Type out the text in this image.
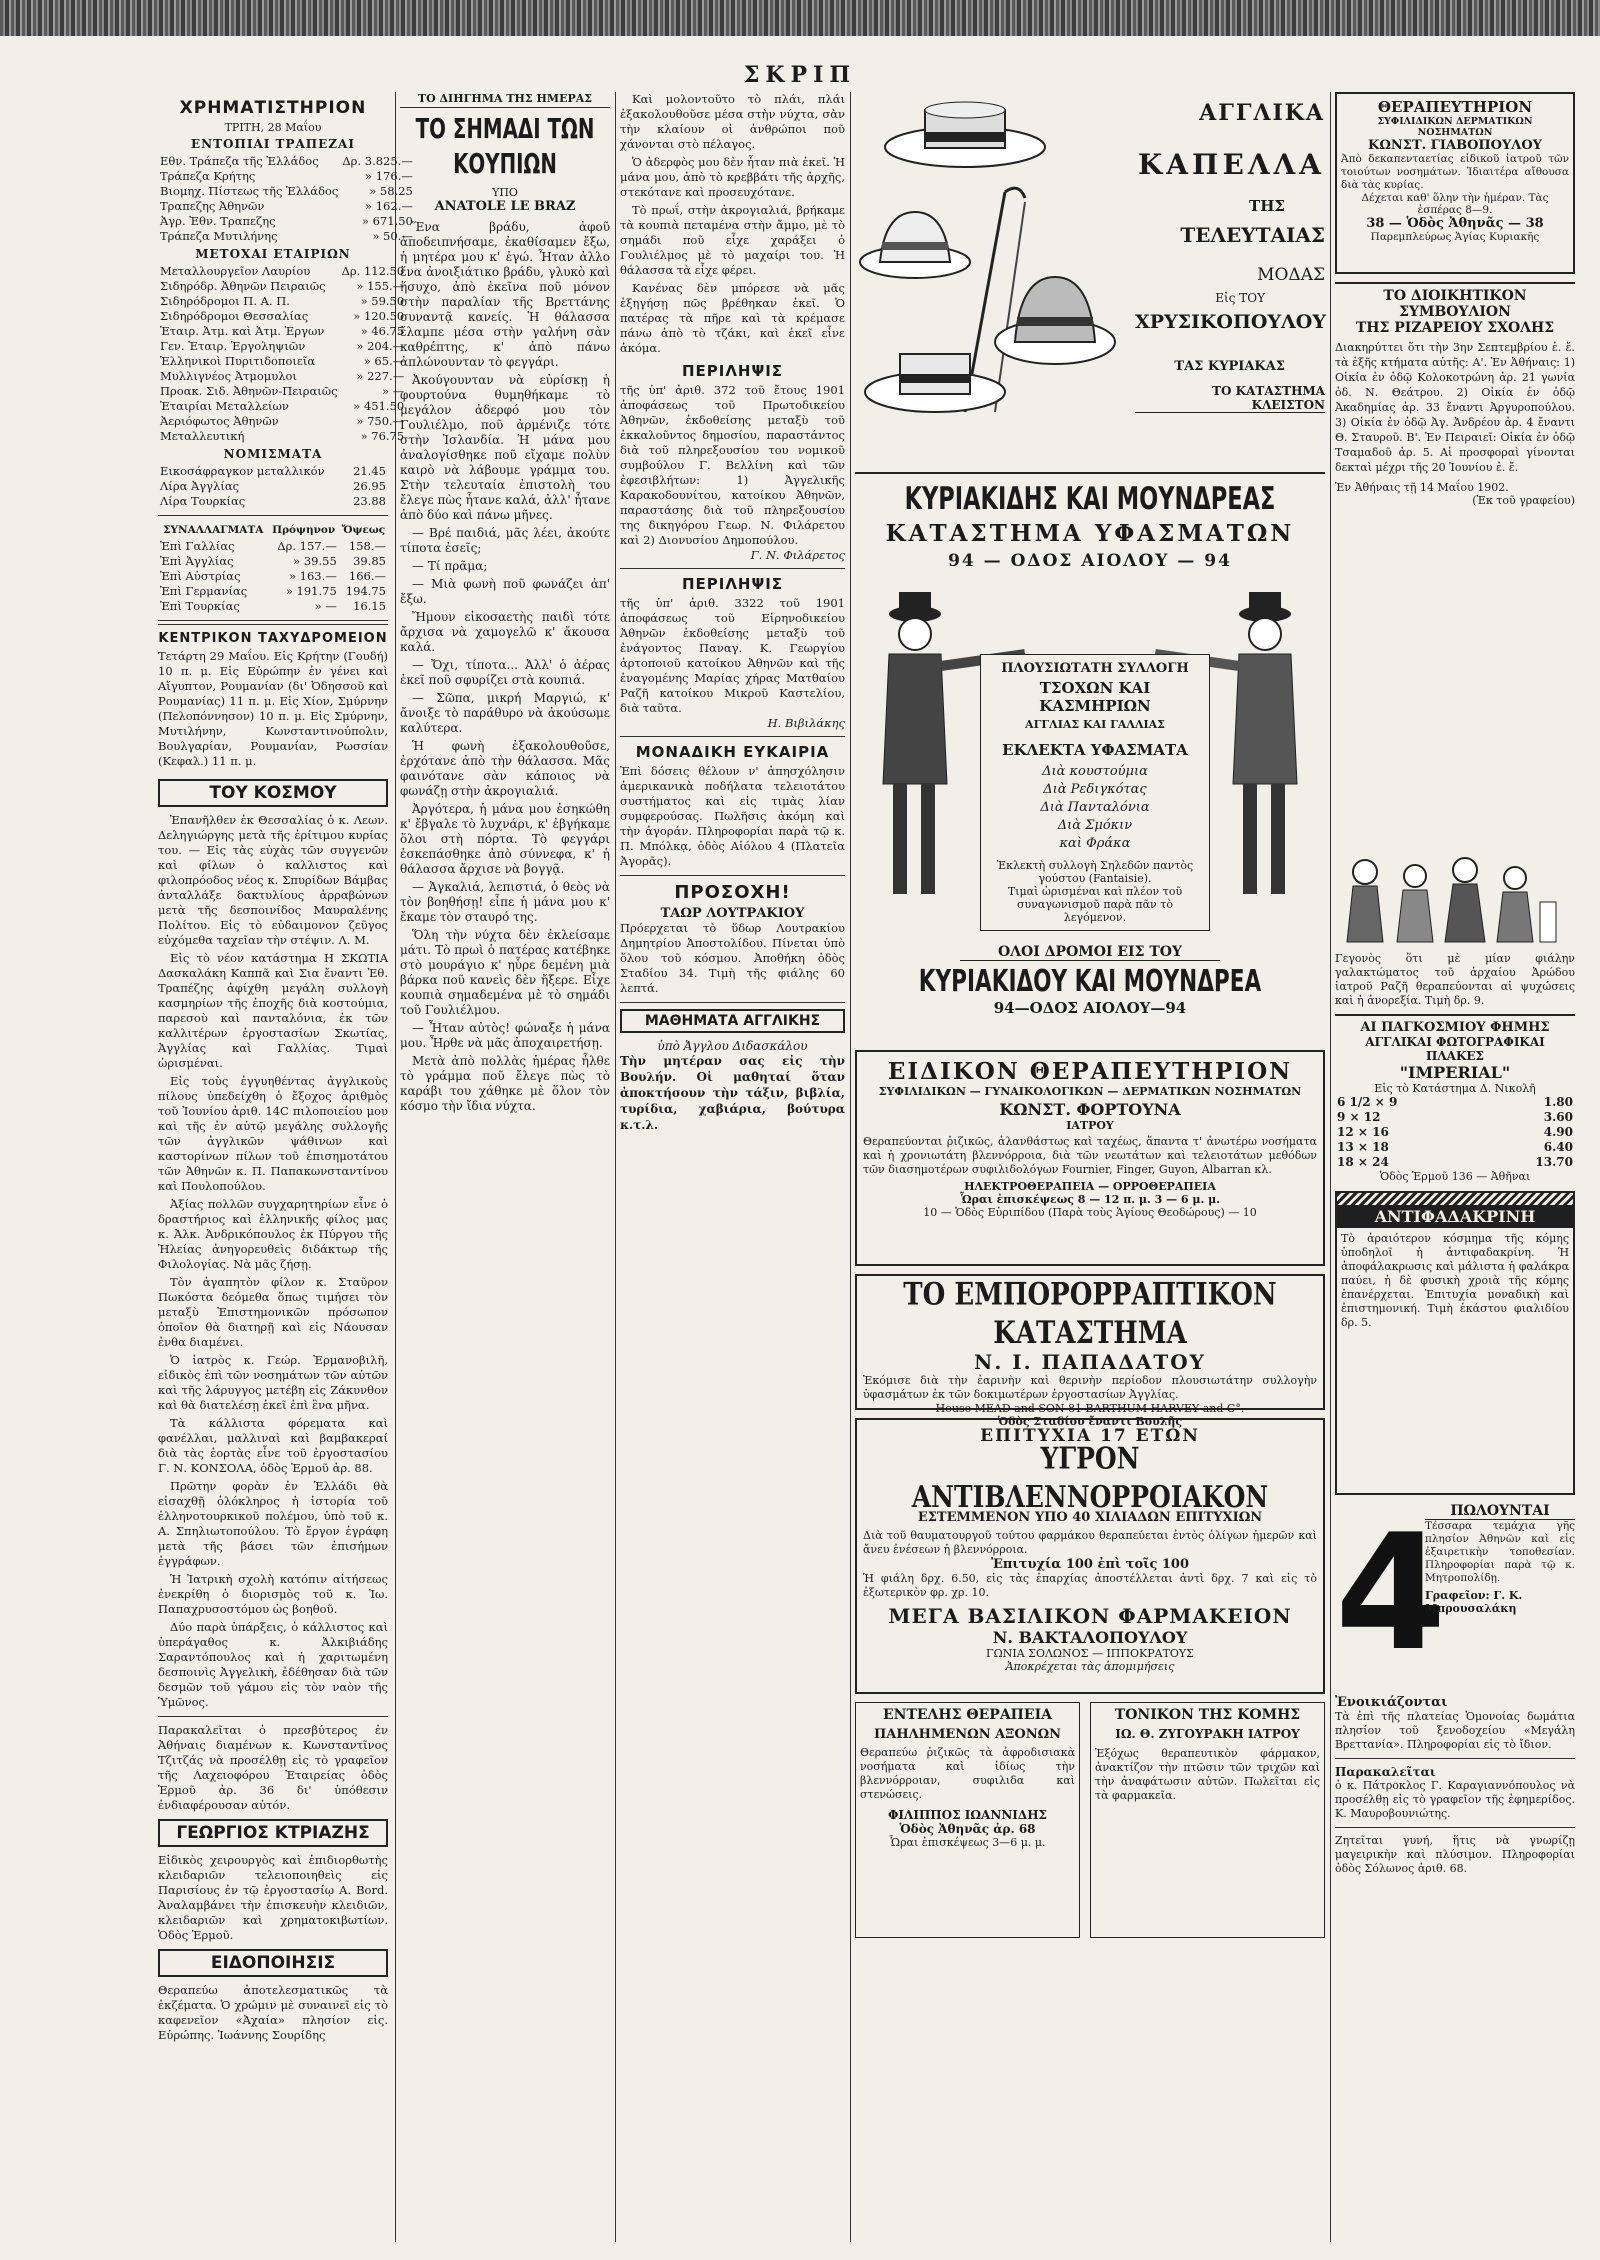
ΣΚΡΙΠ
ΧΡΗΜΑΤΙΣΤΗΡΙΟΝ
ΤΡΙΤΗ, 28 Μαΐου
ΕΝΤΟΠΙΑΙ ΤΡΑΠΕΖΑΙ
Εθν. Τράπεζα τῆς Ἑλλάδος	Δρ. 3.825.—
Τράπεζα Κρήτης	» 176.—
Βιομηχ. Πίστεως τῆς Ἑλλάδος	» 58.25
Τραπεζης Ἀθηνῶν	» 162.—
Ἀγρ. Ἐθν. Τραπεζης	» 671.50
Τράπεζα Μυτιλήνης	» 50.—
ΜΕΤΟΧΑΙ ΕΤΑΙΡΙΩΝ
Μεταλλουργεῖον Λαυρίου	Δρ. 112.50
Σιδηρόδρ. Ἀθηνῶν Πειραιῶς	» 155.—
Σιδηρόδρομοι Π. Α. Π.	» 59.50
Σιδηρόδρομοι Θεσσαλίας	» 120.50
Ἐταιρ. Ἀτμ. καὶ Ἀτμ. Ἐργων	» 46.75
Γεν. Ἐταιρ. Ἐργοληψιῶν	» 204.—
Ἑλληνικοὶ Πυριτιδοποιεῖα	» 65.—
Μυλλιγνέος Ἀτμομυλοι	» 227.—
Προακ. Σιδ. Ἀθηνῶν-Πειραιῶς	» —
Ἐταιρίαι Μεταλλείων	» 451.50
Ἀεριόφωτος Ἀθηνῶν	» 750.—
Μεταλλευτική	» 76.75
ΝΟΜΙΣΜΑΤΑ
Εικοσάφραγκον μεταλλικόν	21.45
Λίρα Ἀγγλίας	26.95
Λίρα Τουρκίας	23.88
ΣΥΝΑΛΛΑΓΜΑΤΑ	Πρόψηνον	Ὄψεως
Ἐπὶ Γαλλίας	Δρ. 157.—	158.—
Ἐπὶ Ἀγγλίας	» 39.55	39.85
Ἐπὶ Αὐστρίας	» 163.—	166.—
Ἐπὶ Γερμανίας	» 191.75	194.75
Ἐπὶ Τουρκίας	» —	16.15
ΚΕΝΤΡΙΚΟΝ ΤΑΧΥΔΡΟΜΕΙΟΝ
Τετάρτη 29 Μαΐου. Εἰς Κρήτην (Γουδή) 10 π. μ. Εἰς Εὐρώπην ἐν γένει καὶ Αἴγυπτον, Ρουμανίαν (δι' Ὀδησσοῦ καὶ Ρουμανίας) 11 π. μ. Εἰς Χίον, Σμύρνην (Πελοπόννησον) 10 π. μ. Εἰς Σμύρνην, Μυτιλήνην, Κωνσταντινούπολιν, Βουλγαρίαν, Ρουμανίαν, Ρωσσίαν (Κεφαλ.) 11 π. μ.
ΤΟΥ ΚΟΣΜΟΥ
Ἐπανῆλθεν ἐκ Θεσσαλίας ὁ κ. Λεων. Δεληγιώργης μετὰ τῆς ἐρίτιμου κυρίας του. — Εἰς τὰς εὐχὰς τῶν συγγενῶν καὶ φίλων ὁ καλλιστος καὶ φιλοπρόοδος νέος κ. Σπυρίδων Βάμβας ἀνταλλάξε δακτυλίους ἀρραβώνων μετὰ τῆς δεσποινίδος Μαυραλένης Πολίτου. Εἰς τὸ εὐδαιμονον ζεῦγος εὐχόμεθα ταχεῖαν τὴν στέψιν. Λ. Μ.
Εἰς τὸ νέον κατάστημα Η ΣΚΩΤΙΑ Δασκαλάκη Καππᾶ καὶ Σια ἔναντι Ἐθ. Τραπέζης ἀφίχθη μεγάλη συλλογὴ κασμηρίων τῆς ἐποχῆς διὰ κοστούμια, παρεσοὺ καὶ πανταλόνια, ἐκ τῶν καλλιτέρων ἐργοστασίων Σκωτίας, Ἀγγλίας καὶ Γαλλίας. Τιμαὶ ὡρισμέναι.
Εἰς τοὺς ἐγγυηθέντας ἀγγλικοὺς πίλους ὑπεδείχθη ὁ ἔξοχος ἀριθμὸς τοῦ Ἰουνίου ἀριθ. 14C πιλοποιείου μου καὶ τῆς ἐν αὐτῷ μεγάλης συλλογῆς τῶν ἀγγλικῶν ψάθινων καὶ καστορίνων πίλων τοῦ ἐπισημοτάτου τῶν Ἀθηνῶν κ. Π. Παπακωνσταντίνου καὶ Πουλοπούλου.
Ἀξίας πολλῶν συγχαρητηρίων εἶνε ὁ δραστήριος καὶ ἑλληνικῆς φίλος μας κ. Ἀλκ. Ἀνδρικόπουλος ἐκ Πύργου τῆς Ἠλείας ἀνηγορευθεὶς διδάκτωρ τῆς Φιλολογίας. Νὰ μᾶς ζήσῃ.
Τὸν ἀγαπητὸν φίλον κ. Σταῦρον Πωκόστα δεόμεθα ὅπως τιμήσει τὸν μεταξὺ Ἐπιστημονικῶν πρόσωπον ὁποῖον θὰ διατηρῇ καὶ εἰς Νάουσαν ἐνθα διαμένει.
Ὁ ἰατρὸς κ. Γεώρ. Ἐρμανοβιλῆ, εἰδικὸς ἐπὶ τῶν νοσημάτων τῶν αὐτῶν καὶ τῆς λάρυγγος μετέβη εἰς Ζάκυνθον καὶ θὰ διατελέσῃ ἐκεῖ ἐπὶ ἓνα μῆνα.
Τὰ κάλλιστα φόρεματα καὶ φανέλλαι, μαλλιναὶ καὶ βαμβακεραί διὰ τὰς ἑορτὰς εἶνε τοῦ ἐργοστασίου Γ. Ν. ΚΟΝΣΟΛΑ, ὁδὸς Ἑρμοῦ ἀρ. 88.
Πρῶτην φορὰν ἐν Ἑλλάδι θὰ εἰσαχθῇ ὁλόκληρος ἡ ἱστορία τοῦ ἑλληνοτουρκικοῦ πολέμου, ὑπὸ τοῦ κ. Α. Σπηλιωτοπούλου. Τὸ ἔργον ἐγράφη μετὰ τῆς βάσει τῶν ἐπισήμων ἐγγράφων.
Ἡ Ἰατρικὴ σχολὴ κατόπιν αἰτήσεως ἐνεκρίθη ὁ διορισμὸς τοῦ κ. Ἰω. Παπαχρυσοστόμου ὡς βοηθοῦ.
Δύο παρὰ ὑπάρξεις, ὁ κάλλιστος καὶ ὑπεράγαθος κ. Ἀλκιβιάδης Σαραντόπουλος καὶ ἡ χαριτωμένη δεσποινὶς Ἀγγελικὴ, ἐδέθησαν διὰ τῶν δεσμῶν τοῦ γάμου εἰς τὸν ναὸν τῆς Ὑμῶνος.
Παρακαλεῖται ὁ πρεσβύτερος ἐν Ἀθήναις διαμένων κ. Κωνσταντῖνος Τζιτζάς νὰ προσέλθῃ εἰς τὸ γραφεῖον τῆς Λαχειοφόρου Ἐταιρείας ὁδὸς Ἑρμοῦ ἀρ. 36 δι' ὑπόθεσιν ἐνδιαφέρουσαν αὐτόν.
ΓΕΩΡΓΙΟΣ ΚΤΡΙΑΖΗΣ
Εἰδικὸς χειρουργὸς καὶ ἐπιδιορθωτὴς κλειδαριῶν τελειοποιηθεὶς εἰς Παρισίους ἐν τῷ ἐργοστασίῳ A. Bord. Ἀναλαμβάνει τὴν ἐπισκευὴν κλειδιῶν, κλειδαριῶν καὶ χρηματοκιβωτίων. Ὁδὸς Ἑρμοῦ.
ΕΙΔΟΠΟΙΗΣΙΣ
Θεραπεύω ἀποτελεσματικῶς τὰ ἐκζέματα. Ὁ χρώμιν μὲ συναινεῖ εἰς τὸ καφενεῖον «Ἀχαία» πλησίον εἰς. Εὐρώπης. Ἰωάννης Σουρίδης
ΤΟ ΔΙΗΓΗΜΑ ΤΗΣ ΗΜΕΡΑΣ
ΤΟ ΣΗΜΑΔΙ ΤΩΝ ΚΟΥΠΙΩΝ
ΥΠΟ
ANATOLE LE BRAZ
Ἕνα βράδυ, ἀφοῦ ἀποδειπνήσαμε, ἐκαθίσαμεν ἔξω, ἡ μητέρα μου κ' ἐγώ. Ἦταν ἀλλο ἕνα ἀνοιξιάτικο βράδυ, γλυκὸ καὶ ἥσυχο, ἀπὸ ἐκεῖνα ποῦ μόνον στὴν παραλίαν τῆς Βρεττάνης συναντᾷ κανείς. Ἡ θάλασσα ἔλαμπε μέσα στὴν γαλήνη σὰν καθρέπτης, κ' ἀπὸ πάνω ἀπλώνουνταν τὸ φεγγάρι.
Ἀκούγουνταν νὰ εὐρίσκῃ ἡ φουρτούνα θυμηθήκαμε τὸ μεγάλον ἀδερφό μου τὸν Γουλιέλμο, ποῦ ἀρμένιζε τότε στὴν Ἰσλανδία. Ἡ μάνα μου ἀναλογίσθηκε ποῦ εἴχαμε πολὺν καιρὸ νὰ λάβουμε γράμμα του. Στὴν τελευταία ἐπιστολὴ του ἔλεγε πὼς ἦτανε καλά, ἀλλ' ἦτανε ἀπὸ δύο καὶ πάνω μῆνες.
— Βρέ παιδιά, μᾶς λέει, ἀκούτε τίποτα ἐσεῖς;
— Τί πρᾶμα;
— Μιὰ φωνὴ ποῦ φωνάζει ἀπ' ἔξω.
Ἤμουν εἰκοσαετὴς παιδὶ τότε ἄρχισα νὰ χαμογελῶ κ' ἄκουσα καλά.
— Ὄχι, τίποτα... Ἀλλ' ὁ ἀέρας ἐκεῖ ποῦ σφυρίζει στὰ κουπιά.
— Σῶπα, μικρή Μαργιώ, κ' ἄνοιξε τὸ παράθυρο νὰ ἀκούσωμε καλύτερα.
Ἡ φωνὴ ἐξακολουθοῦσε, ἐρχότανε ἀπὸ τὴν θάλασσα. Μᾶς φαινότανε σὰν κάποιος νὰ φωνάζῃ στὴν ἀκρογιαλιά.
Ἀργότερα, ἡ μάνα μου ἐσηκώθη κ' ἔβγαλε τὸ λυχνάρι, κ' ἐβγήκαμε ὅλοι στὴ πόρτα. Τὸ φεγγάρι ἐσκεπάσθηκε ἀπὸ σύννεφα, κ' ἡ θάλασσα ἄρχισε νὰ βογγᾷ.
— Ἀγκαλιά, λεπιστιά, ὁ θεὸς νὰ τὸν βοηθήσῃ! εἶπε ἡ μάνα μου κ' ἔκαμε τὸν σταυρό της.
Ὅλη τὴν νύχτα δὲν ἐκλείσαμε μάτι. Τὸ πρωὶ ὁ πατέρας κατέβηκε στὸ μουράγιο κ' ηὗρε δεμένη μιὰ βάρκα ποῦ κανεὶς δὲν ἤξερε. Εἶχε κουπιὰ σημαδεμένα μὲ τὸ σημάδι τοῦ Γουλιέλμου.
— Ἦταν αὐτὸς! φώναξε ἡ μάνα μου. Ἦρθε νὰ μᾶς ἀποχαιρετήσῃ.
Μετὰ ἀπὸ πολλὰς ἡμέρας ἦλθε τὸ γράμμα ποῦ ἔλεγε πὼς τὸ καράβι του χάθηκε μὲ ὅλον τὸν κόσμο τὴν ἴδια νύχτα.
Καὶ μολοντοῦτο τὸ πλάι, πλάι ἐξακολουθοῦσε μέσα στὴν νύχτα, σὰν τὴν κλαίουν οἱ ἀνθρώποι ποῦ χάνονται στὸ πέλαγος.
Ὁ ἀδερφὸς μου δὲν ἦταν πιὰ ἐκεῖ. Ἡ μάνα μου, ἀπὸ τὸ κρεββάτι τῆς ἀρχῆς, στεκότανε καὶ προσευχότανε.
Τὸ πρωΐ, στὴν ἀκρογιαλιά, βρήκαμε τὰ κουπιὰ πεταμένα στὴν ἄμμο, μὲ τὸ σημάδι ποῦ εἶχε χαράξει ὁ Γουλιέλμος μὲ τὸ μαχαίρι του. Ἡ θάλασσα τὰ εἶχε φέρει.
Κανένας δὲν μπόρεσε νὰ μᾶς ἐξηγήσῃ πῶς βρέθηκαν ἐκεῖ. Ὁ πατέρας τὰ πῆρε καὶ τὰ κρέμασε πάνω ἀπὸ τὸ τζάκι, καὶ ἐκεῖ εἶνε ἀκόμα.
ΠΕΡΙΛΗΨΙΣ
τῆς ὑπ' ἀριθ. 372 τοῦ ἔτους 1901 ἀποφάσεως τοῦ Πρωτοδικείου Ἀθηνῶν, ἐκδοθείσης μεταξὺ τοῦ ἐκκαλοῦντος δημοσίου, παραστάντος διὰ τοῦ πληρεξουσίου του νομικοῦ συμβούλου Γ. Βελλίνη καὶ τῶν ἐφεσιβλήτων: 1) Ἀγγελικῆς Καρακοδουνίτου, κατοίκου Ἀθηνῶν, παραστάσης διὰ τοῦ πληρεξουσίου της δικηγόρου Γεωρ. Ν. Φιλάρετου καὶ 2) Διονυσίου Δημοπούλου.
Γ. Ν. Φιλάρετος
ΠΕΡΙΛΗΨΙΣ
τῆς ὑπ' ἀριθ. 3322 τοῦ 1901 ἀποφάσεως τοῦ Εἰρηνοδικείου Ἀθηνῶν ἐκδοθείσης μεταξὺ τοῦ ἐνάγοντος Παναγ. Κ. Γεωργίου ἀρτοποιοῦ κατοίκου Ἀθηνῶν καὶ τῆς ἐναγομένης Μαρίας χήρας Ματθαίου Ραζῆ κατοίκου Μικροῦ Καστελίου, διὰ ταῦτα.
Η. Βιβιλάκης
ΜΟΝΑΔΙΚΗ ΕΥΚΑΙΡΙΑ
Ἐπὶ δόσεις θέλουν ν' ἀπησχόλησιν ἁμερικανικὰ ποδήλατα τελειοτάτου συστήματος καὶ εἰς τιμὰς λίαν συμφερούσας. Πωλῆσις ἀκόμη καὶ τὴν ἀγοράν. Πληροφορίαι παρὰ τῷ κ. Π. Μπόλκᾳ, ὁδὸς Αἰόλου 4 (Πλατεῖα Ἀγορᾶς).
ΠΡΟΣΟΧΗ!
ΤΑΩΡ ΛΟΥΤΡΑΚΙΟΥ
Πρόερχεται τὸ ὕδωρ Λουτρακίου Δημητρίου Ἀποστολίδου. Πίνεται ὑπὸ ὅλου τοῦ κόσμου. Ἀποθήκη ὁδὸς Σταδίου 34. Τιμὴ τῆς φιάλης 60 λεπτά.
ΜΑΘΗΜΑΤΑ ΑΓΓΛΙΚΗΣ
ὑπὸ Ἀγγλου Διδασκάλου
Τὴν μητέραν σας εἰς τὴν Βουλήν. Οἱ μαθηταί ὅταν ἀποκτήσουν τὴν τάξιν, βιβλία, τυρίδια, χαβιάρια, βούτυρα κ.τ.λ.
ΑΓΓΛΙΚΑ
ΚΑΠΕΛΛΑ
ΤΗΣ
ΤΕΛΕΥΤΑΙΑΣ
ΜΟΔΑΣ
Εἰς ΤΟΥ
ΧΡΥΣΙΚΟΠΟΥΛΟΥ
ΤΑΣ ΚΥΡΙΑΚΑΣ
ΤΟ ΚΑΤΑΣΤΗΜΑ ΚΛΕΙΣΤΟΝ
ΚΥΡΙΑΚΙΔΗΣ ΚΑΙ ΜΟΥΝΔΡΕΑΣ
ΚΑΤΑΣΤΗΜΑ ΥΦΑΣΜΑΤΩΝ
94 — ΟΔΟΣ ΑΙΟΛΟΥ — 94
ΠΛΟΥΣΙΩΤΑΤΗ ΣΥΛΛΟΓΗ
ΤΣΟΧΩΝ ΚΑΙ ΚΑΣΜΗΡΙΩΝ
ΑΓΓΛΙΑΣ ΚΑΙ ΓΑΛΛΙΑΣ
ΕΚΛΕΚΤΑ ΥΦΑΣΜΑΤΑ
Διὰ κουστούμια
Διὰ Ρεδιγκότας
Διὰ Πανταλόνια
Διὰ Σμόκιν
καὶ Φράκα
Ἐκλεκτὴ συλλογὴ Σηλεδῶν παντὸς γούστου (Fantaisie).
Τιμαὶ ὡρισμέναι καὶ πλέον τοῦ συναγωνισμοῦ παρὰ πᾶν τὸ λεγόμενον.
ΟΛΟΙ ΔΡΟΜΟΙ ΕΙΣ ΤΟΥ
ΚΥΡΙΑΚΙΔΟΥ ΚΑΙ ΜΟΥΝΔΡΕΑ
94—ΟΔΟΣ ΑΙΟΛΟΥ—94
ΕΙΔΙΚΟΝ ΘΕΡΑΠΕΥΤΗΡΙΟΝ
ΣΥΦΙΛΙΔΙΚΩΝ — ΓΥΝΑΙΚΟΛΟΓΙΚΩΝ — ΔΕΡΜΑΤΙΚΩΝ ΝΟΣΗΜΑΤΩΝ
ΚΩΝΣΤ. ΦΟΡΤΟΥΝΑ
ΙΑΤΡΟΥ
Θεραπεύονται ῥιζικῶς, ἀλανθάστως καὶ ταχέως, ἅπαντα τ' ἀνωτέρω νοσήματα καὶ ἡ χρονιωτάτη βλεννόρροια, διὰ τῶν νεωτάτων καὶ τελειοτάτων μεθόδων τῶν διασημοτέρων συφιλιδολόγων Fournier, Finger, Guyon, Albarran κλ.
ΗΛΕΚΤΡΟΘΕΡΑΠΕΙΑ — ΟΡΡΟΘΕΡΑΠΕΙΑ
Ὧραι ἐπισκέψεως 8 — 12 π. μ. 3 — 6 μ. μ.
10 — Ὁδὸς Εὐριπίδου (Παρὰ τοὺς Ἁγίους Θεοδώρους) — 10
ΤΟ ΕΜΠΟΡΟΡΡΑΠΤΙΚΟΝ ΚΑΤΑΣΤΗΜΑ
Ν. Ι. ΠΑΠΑΔΑΤΟΥ
Ἐκόμισε διὰ τὴν ἐαρινὴν καὶ θερινὴν περίοδον πλουσιωτάτην συλλογὴν ὑφασμάτων ἐκ τῶν δοκιμωτέρων ἐργοστασίων Ἀγγλίας.
House MEAD and SON 81 BARTHUM HARVEY and C°.
Ὁδὸς Σταδίου ἔναντι Βουλῆς
ΕΠΙΤΥΧΙΑ 17 ΕΤΩΝ
ΥΓΡΟΝ ΑΝΤΙΒΛΕΝΝΟΡΡΟΙΑΚΟΝ
ΕΣΤΕΜΜΕΝΟΝ ΥΠΟ 40 ΧΙΛΙΑΔΩΝ ΕΠΙΤΥΧΙΩΝ
Διὰ τοῦ θαυματουργοῦ τούτου φαρμάκου θεραπεύεται ἐντὸς ὀλίγων ἡμερῶν καὶ ἄνευ ἐνέσεων ἡ βλεννόρροια.
Ἐπιτυχία 100 ἐπὶ τοῖς 100
Ἡ φιάλη δρχ. 6.50, εἰς τὰς ἐπαρχίας ἀποστέλλεται ἀντὶ δρχ. 7 καὶ εἰς τὸ ἐξωτερικὸν φρ. χρ. 10.
ΜΕΓΑ ΒΑΣΙΛΙΚΟΝ ΦΑΡΜΑΚΕΙΟΝ
Ν. ΒΑΚΤΑΛΟΠΟΥΛΟΥ
ΓΩΝΙΑ ΣΟΛΩΝΟΣ — ΙΠΠΟΚΡΑΤΟΥΣ
Ἀποκρέχεται τὰς ἀπομιμήσεις
ΕΝΤΕΛΗΣ ΘΕΡΑΠΕΙΑ
ΠΑΗΛΗΜΕΝΩΝ ΑΞΟΝΩΝ
Θεραπεύω ῥιζικῶς τὰ ἀφροδισιακὰ νοσήματα καὶ ἰδίως τὴν βλεννόρροιαν, συφιλιδα καὶ στενώσεις.
ΦΙΛΙΠΠΟΣ ΙΩΑΝΝΙΔΗΣ
Ὁδὸς Ἀθηνᾶς ἀρ. 68
Ὧραι ἐπισκέψεως 3—6 μ. μ.
ΤΟΝΙΚΟΝ ΤΗΣ ΚΟΜΗΣ
ΙΩ. Θ. ΖΥΓΟΥΡΑΚΗ ΙΑΤΡΟΥ
Ἐξόχως θεραπευτικὸν φάρμακον, ἀνακτίζον τὴν πτῶσιν τῶν τριχῶν καὶ τὴν ἀναφάτωσιν αὐτῶν. Πωλεῖται εἰς τὰ φαρμακεῖα.
ΘΕΡΑΠΕΥΤΗΡΙΟΝ
ΣΥΦΙΛΙΔΙΚΩΝ ΔΕΡΜΑΤΙΚΩΝ ΝΟΣΗΜΑΤΩΝ
ΚΩΝΣΤ. ΓΙΑΒΟΠΟΥΛΟΥ
Ἀπὸ δεκαπενταετίας εἰδικοῦ ἰατροῦ τῶν τοιούτων νοσημάτων. Ἰδιαιτέρα αἴθουσα διὰ τὰς κυρίας.
Δέχεται καθ' ὅλην τὴν ἡμέραν. Τὰς ἑσπέρας 8—9.
38 — Ὁδὸς Ἀθηνᾶς — 38
Παρεμπλεύρως Ἁγίας Κυριακῆς
ΤΟ ΔΙΟΙΚΗΤΙΚΟΝ ΣΥΜΒΟΥΛΙΟΝ
ΤΗΣ ΡΙΖΑΡΕΙΟΥ ΣΧΟΛΗΣ
Διακηρύττει ὅτι τὴν 3ην Σεπτεμβρίου ἐ. ἔ. τὰ ἑξῆς κτήματα αὐτῆς: Α'. Ἐν Ἀθήναις: 1) Οἰκία ἐν ὁδῷ Κολοκοτρώνη ἀρ. 21 γωνία ὁδ. Ν. Θεάτρου. 2) Οἰκία ἐν ὁδῷ Ἀκαδημίας ἀρ. 33 ἔναντι Ἀργυροπούλου. 3) Οἰκία ἐν ὁδῷ Ἀγ. Ἀνδρέου ἀρ. 4 ἔναντι Θ. Σταυροῦ. Β'. Ἐν Πειραιεῖ: Οἰκία ἐν ὁδῷ Τσαμαδοῦ ἀρ. 5. Αἱ προσφοραὶ γίνονται δεκταὶ μέχρι τῆς 20 Ἰουνίου ἐ. ἔ.
Ἐν Ἀθήναις τῇ 14 Μαΐου 1902.
(Ἐκ τοῦ γραφείου)
Γεγονὸς ὅτι μὲ μίαν φιάλην γαλακτώματος τοῦ ἀρχαίου Ἀρώδου ἰατροῦ Ραζῆ θεραπεύονται αἱ ψυχώσεις καὶ ἡ ἀνορεξία. Τιμὴ δρ. 9.
ΑΙ ΠΑΓΚΟΣΜΙΟΥ ΦΗΜΗΣ
ΑΓΓΛΙΚΑΙ ΦΩΤΟΓΡΑΦΙΚΑΙ ΠΛΑΚΕΣ
"IMPERIAL"
Εἰς τὸ Κατάστημα Δ. Νικολῆ
6 1/2 × 9	1.80
9 × 12	3.60
12 × 16	4.90
13 × 18	6.40
18 × 24	13.70
Ὁδὸς Ἑρμοῦ 136 — Ἀθῆναι
ΑΝΤΙΦΑΔΑΚΡΙΝΗ
Τὸ ἀραιότερον κόσμημα τῆς κόμης ὑποδηλοῖ ἡ ἀντιφαδακρίνη. Ἡ ἀποφάλακρωσις καὶ μάλιστα ἡ φαλάκρα παύει, ἡ δὲ φυσικὴ χροιὰ τῆς κόμης ἐπανέρχεται. Ἐπιτυχία μοναδικὴ καὶ ἐπιστημονική. Τιμὴ ἑκάστου φιαλιδίου δρ. 5.
4 ΠΩΛΟΥΝΤΑΙ
Τέσσαρα τεμάχια γῆς πλησίον Ἀθηνῶν καὶ εἰς ἐξαιρετικὴν τοποθεσίαν. Πληροφορίαι παρὰ τῷ κ. Μητροπολίδῃ.
Γραφεῖον: Γ. Κ. Μπρουσαλάκη
Ἐνοικιάζονται
Τὰ ἐπὶ τῆς πλατείας Ὁμονοίας δωμάτια πλησίον τοῦ ξενοδοχείου «Μεγάλη Βρεττανία». Πληροφορίαι εἰς τὸ ἴδιον.
Παρακαλεῖται
ὁ κ. Πάτροκλος Γ. Καραγιαννόπουλος νὰ προσέλθῃ εἰς τὸ γραφεῖον τῆς ἐφημερίδος. Κ. Μαυροβουνιώτης.
Ζητεῖται γυνή, ἥτις νὰ γνωρίζῃ μαγειρικὴν καὶ πλύσιμον. Πληροφορίαι ὁδὸς Σόλωνος ἀριθ. 68.
